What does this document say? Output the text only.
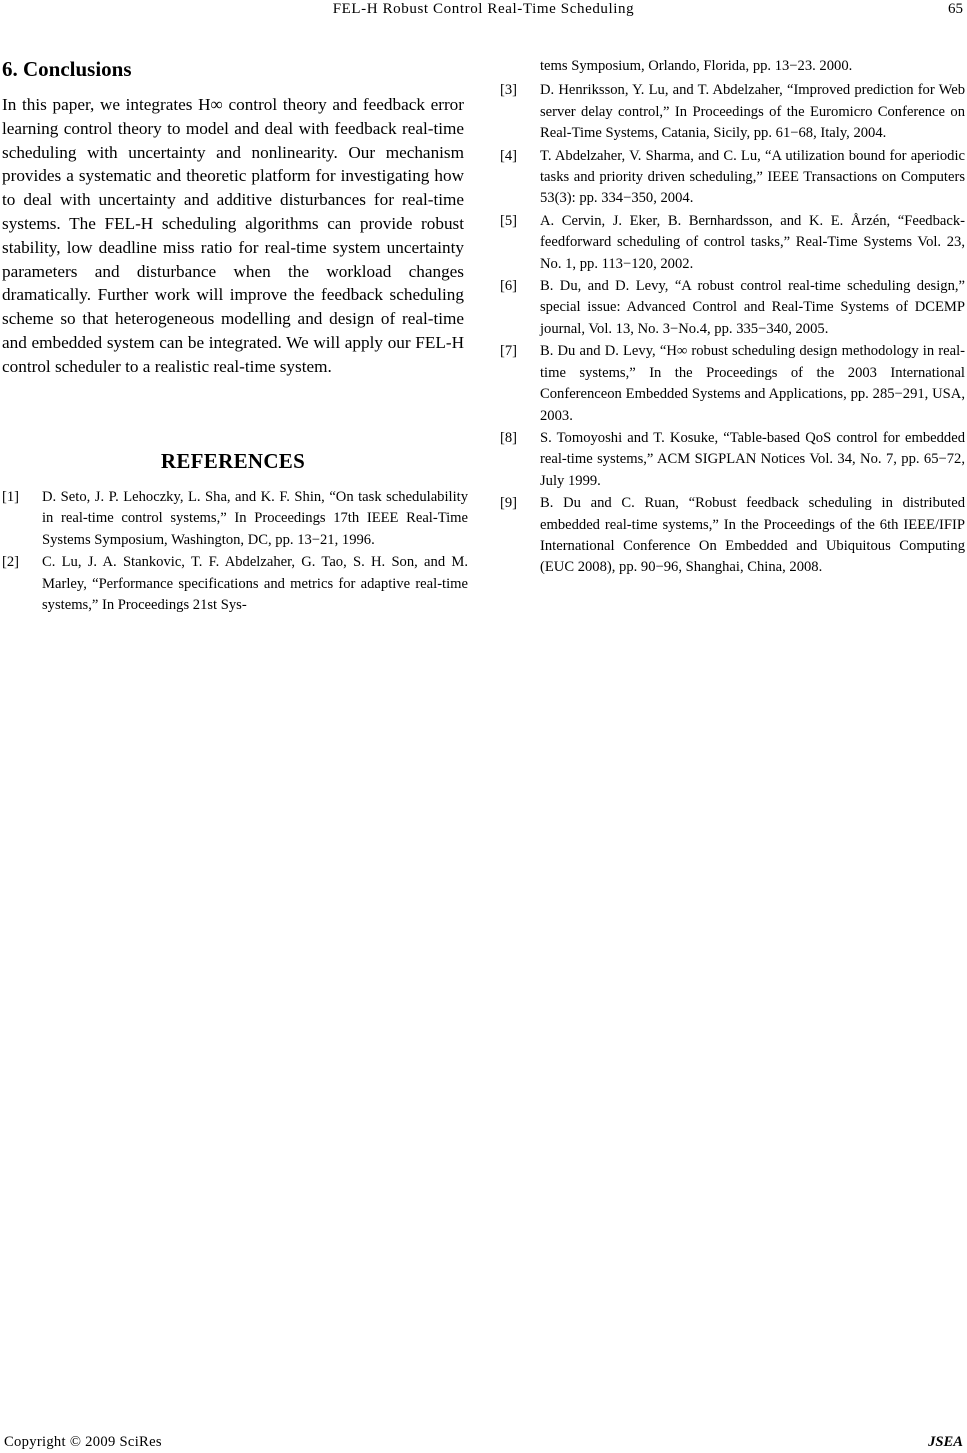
FEL-H Robust Control Real-Time Scheduling	65
6. Conclusions

In this paper, we integrates H∞ control theory and feedback error learning control theory to model and deal with feedback real-time scheduling with uncertainty and nonlinearity. Our mechanism provides a systematic and theoretic platform for investigating how to deal with uncertainty and additive disturbances for real-time systems. The FEL-H scheduling algorithms can provide robust stability, low deadline miss ratio for real-time system uncertainty parameters and disturbance when the workload changes dramatically. Further work will improve the feedback scheduling scheme so that heterogeneous modelling and design of real-time and embedded system can be integrated. We will apply our FEL-H control scheduler to a realistic real-time system.

REFERENCES
[1]	D. Seto, J. P. Lehoczky, L. Sha, and K. F. Shin, “On task schedulability in real-time control systems,” In Proceedings 17th IEEE Real-Time Systems Symposium, Washington, DC, pp. 13−21, 1996.
[2]	C. Lu, J. A. Stankovic, T. F. Abdelzaher, G. Tao, S. H. Son, and M. Marley, “Performance specifications and metrics for adaptive real-time systems,” In Proceedings 21st Sys-
tems Symposium, Orlando, Florida, pp. 13−23. 2000.
[3]	D. Henriksson, Y. Lu, and T. Abdelzaher, “Improved prediction for Web server delay control,” In Proceedings of the Euromicro Conference on Real-Time Systems, Catania, Sicily, pp. 61−68, Italy, 2004.
[4]	T. Abdelzaher, V. Sharma, and C. Lu, “A utilization bound for aperiodic tasks and priority driven scheduling,” IEEE Transactions on Computers 53(3): pp. 334−350, 2004.
[5]	A. Cervin, J. Eker, B. Bernhardsson, and K. E. Årzén, “Feedback-feedforward scheduling of control tasks,” Real-Time Systems Vol. 23, No. 1, pp. 113−120, 2002.
[6]	B. Du, and D. Levy, “A robust control real-time scheduling design,” special issue: Advanced Control and Real-Time Systems of DCEMP journal, Vol. 13, No. 3−No.4, pp. 335−340, 2005.
[7]	B. Du and D. Levy, “H∞ robust scheduling design methodology in real-time systems,” In the Proceedings of the 2003 International Conferenceon Embedded Systems and Applications, pp. 285−291, USA, 2003.
[8]	S. Tomoyoshi and T. Kosuke, “Table-based QoS control for embedded real-time systems,” ACM SIGPLAN Notices Vol. 34, No. 7, pp. 65−72, July 1999.
[9]	B. Du and C. Ruan, “Robust feedback scheduling in distributed embedded real-time systems,” In the Proceedings of the 6th IEEE/IFIP International Conference On Embedded and Ubiquitous Computing (EUC 2008), pp. 90−96, Shanghai, China, 2008.
Copyright © 2009 SciRes	JSEA
